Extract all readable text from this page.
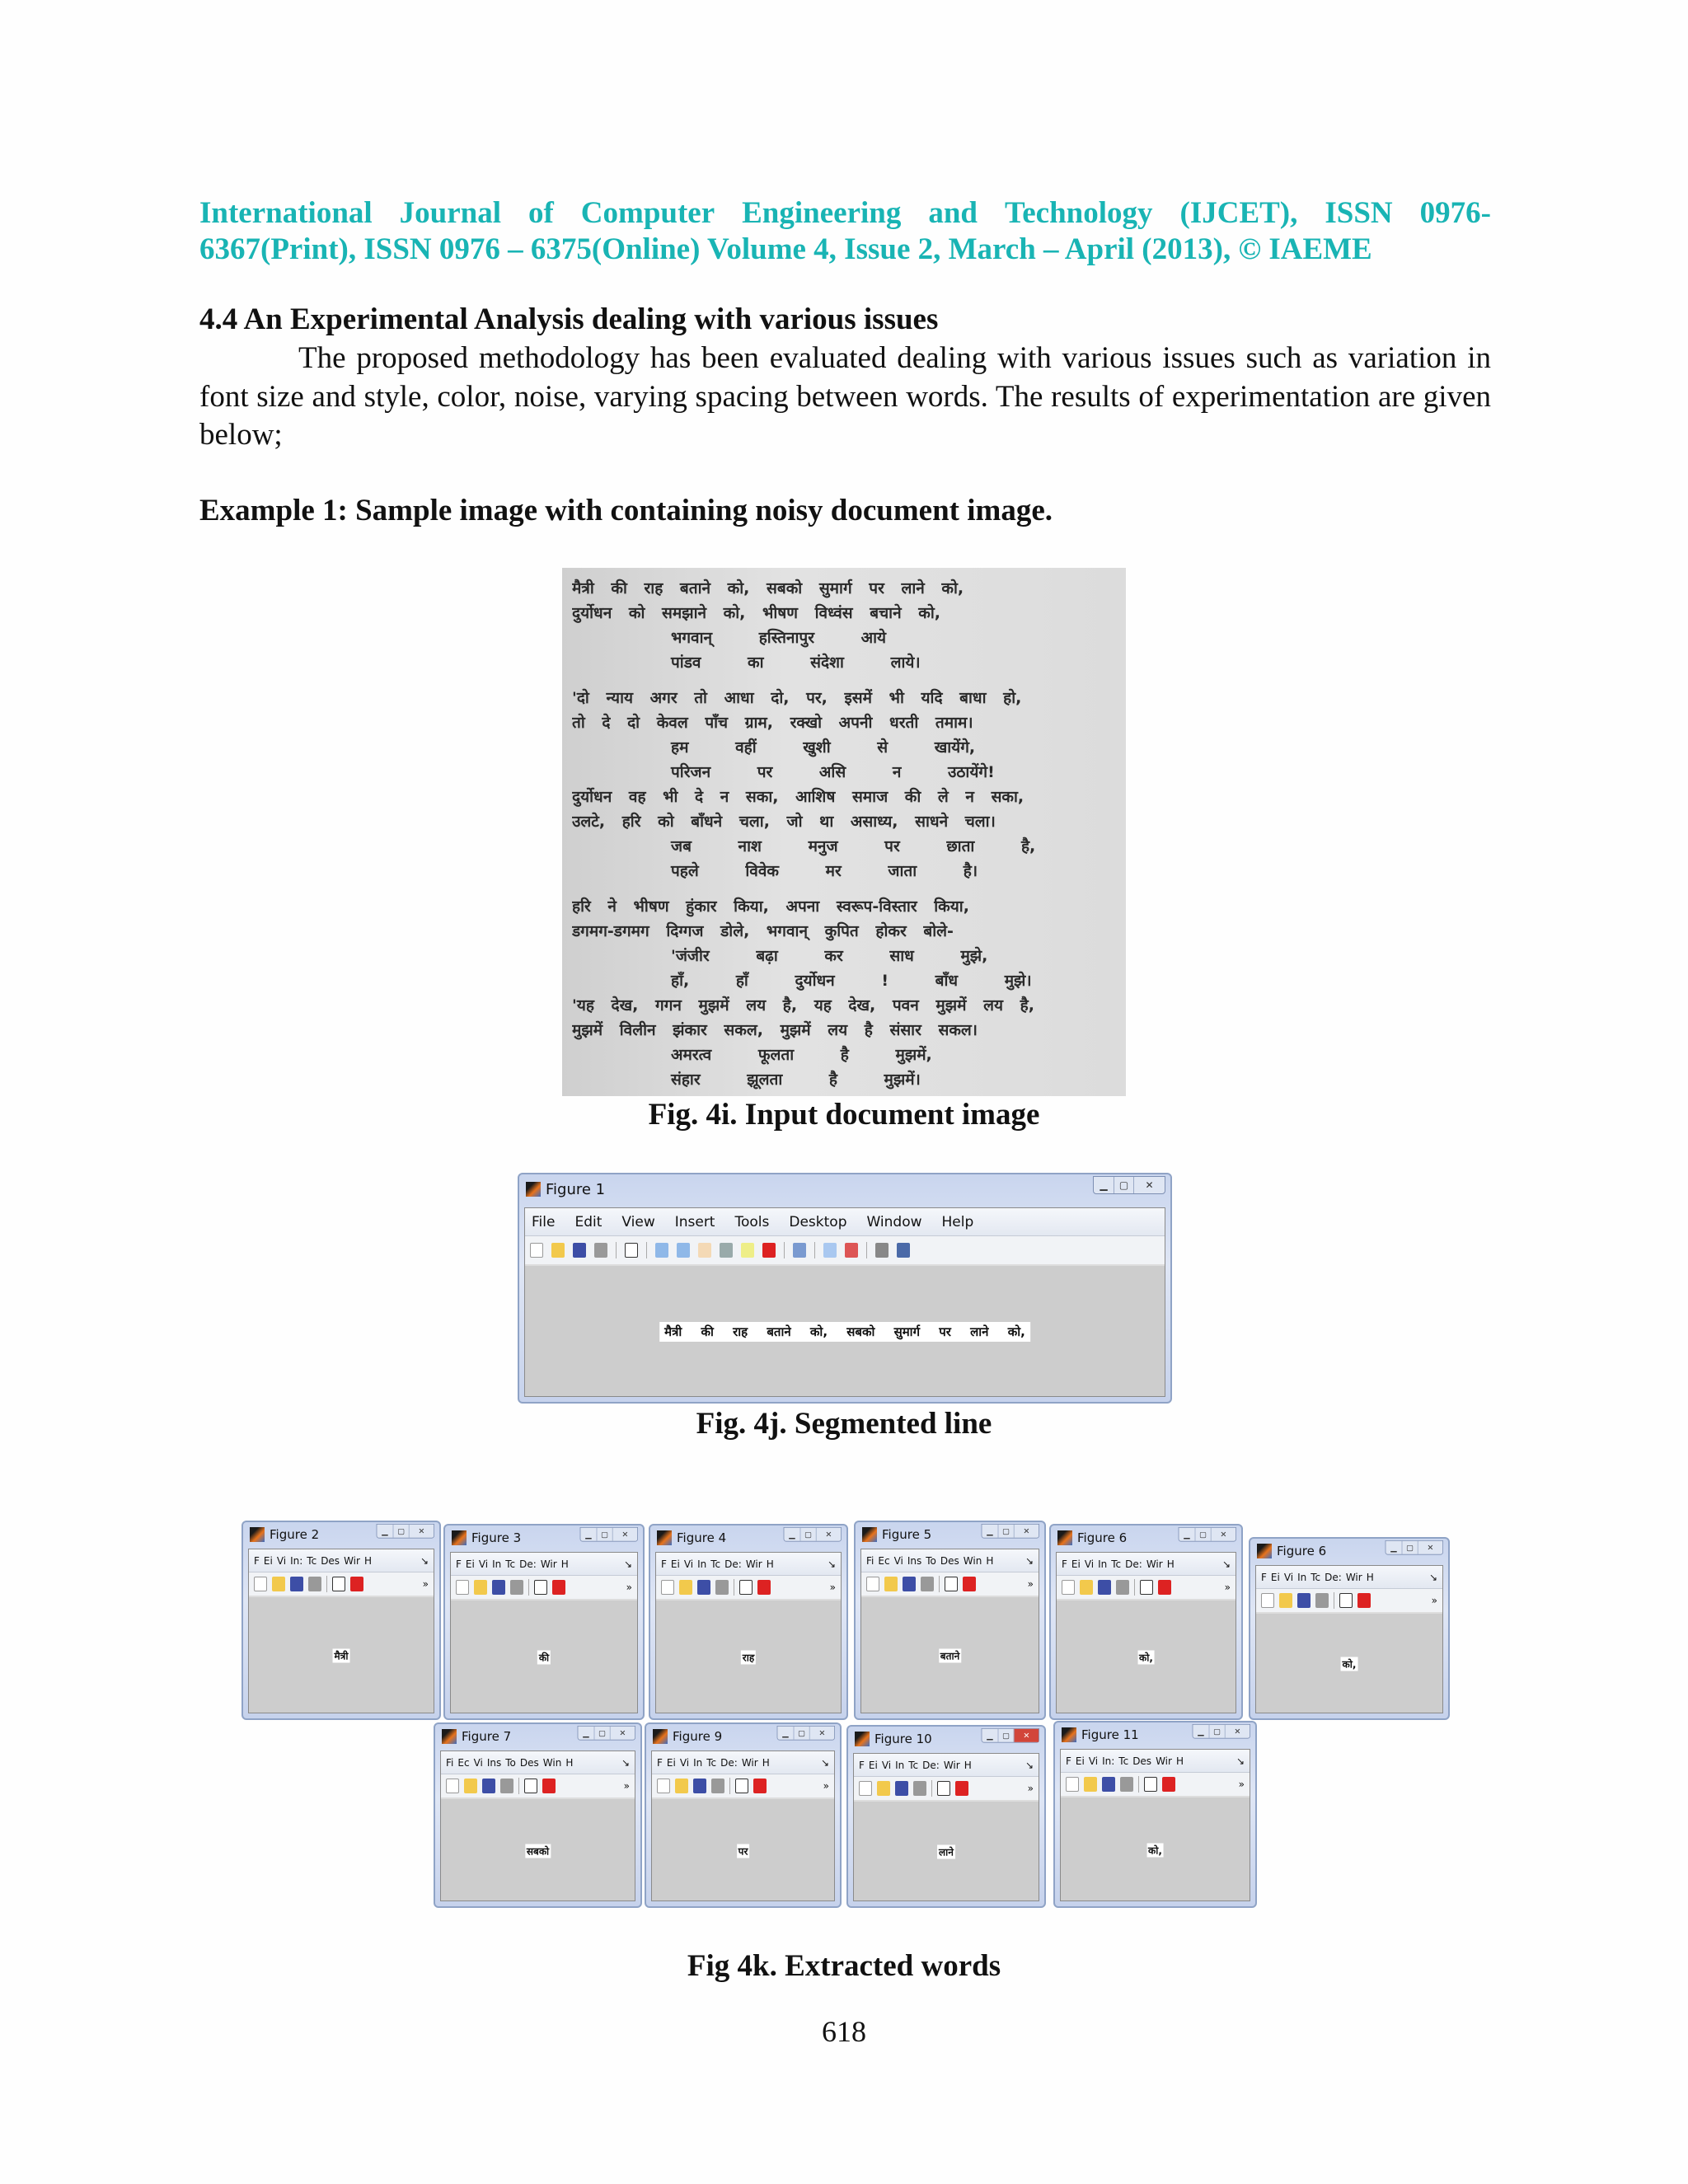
International Journal of Computer Engineering and Technology (IJCET), ISSN 0976-
6367(Print), ISSN 0976 – 6375(Online) Volume 4, Issue 2, March – April (2013), © IAEME
4.4 An Experimental Analysis dealing with various issues
The proposed methodology has been evaluated dealing with various issues such as variation in font size and style, color, noise, varying spacing between words. The results of experimentation are given below;
Example 1: Sample image with containing noisy document image.
मैत्री की राह बताने को, सबको सुमार्ग पर लाने को,
दुर्योधन को समझाने को, भीषण विध्वंस बचाने को,
भगवान् हस्तिनापुर आये
पांडव का संदेशा लाये।
'दो न्याय अगर तो आधा दो, पर, इसमें भी यदि बाधा हो,
तो दे दो केवल पाँच ग्राम, रक्खो अपनी धरती तमाम।
हम वहीं खुशी से खायेंगे,
परिजन पर असि न उठायेंगे!
दुर्योधन वह भी दे न सका, आशिष समाज की ले न सका,
उलटे, हरि को बाँधने चला, जो था असाध्य, साधने चला।
जब नाश मनुज पर छाता है,
पहले विवेक मर जाता है।
हरि ने भीषण हुंकार किया, अपना स्वरूप-विस्तार किया,
डगमग-डगमग दिग्गज डोले, भगवान् कुपित होकर बोले-
'जंजीर बढ़ा कर साध मुझे,
हाँ, हाँ दुर्योधन ! बाँध मुझे।
'यह देख, गगन मुझमें लय है, यह देख, पवन मुझमें लय है,
मुझमें विलीन झंकार सकल, मुझमें लय है संसार सकल।
अमरत्व फूलता है मुझमें,
संहार झूलता है मुझमें।
Fig. 4i. Input document image
Figure 1	▁	▢	✕
File Edit View Insert Tools Desktop Window Help
मैत्री की राह बताने को, सबको सुमार्ग पर लाने को,
Fig. 4j. Segmented line
Figure 2	▁ ▢	✕
F Ei Vi In: Tc Des Wir H	↘
»
मैत्री
Figure 3	▁ ▢	✕
F Ei Vi In Tc De: Wir H	↘
»
की
Figure 4	▁ ▢	✕
F Ei Vi In Tc De: Wir H	↘
»
राह
Figure 5	▁ ▢	✕
Fi Ec Vi Ins To Des Win H	↘
»
बताने
Figure 6	▁ ▢	✕
F Ei Vi In Tc De: Wir H	↘
»
को,
Figure 6	▁ ▢	✕
F Ei Vi In Tc De: Wir H	↘
»
को,
Figure 7	▁ ▢	✕
Fi Ec Vi Ins To Des Win H	↘
»
सबको
Figure 9	▁ ▢	✕
F Ei Vi In Tc De: Wir H	↘
»
पर
Figure 10	▁ ▢	✕
F Ei Vi In Tc De: Wir H	↘
»
लाने
Figure 11	▁ ▢	✕
F Ei Vi In: Tc Des Wir H	↘
»
को,
Fig 4k. Extracted words
618
